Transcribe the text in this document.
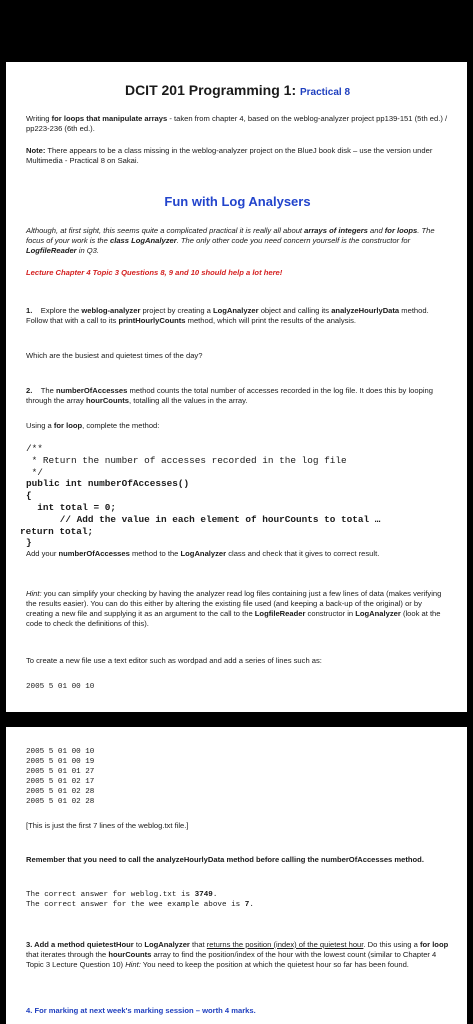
DCIT 201 Programming 1: Practical 8

Writing for loops that manipulate arrays - taken from chapter 4, based on the weblog-analyzer project pp139-151 (5th ed.) / pp223-236 (6th ed.).

Note: There appears to be a class missing in the weblog-analyzer project on the BlueJ book disk – use the version under Multimedia - Practical 8 on Sakai.

Fun with Log Analysers

Although, at first sight, this seems quite a complicated practical it is really all about arrays of integers and for loops. The focus of your work is the class LogAnalyzer. The only other code you need concern yourself is the constructor for LogfileReader in Q3.

Lecture Chapter 4 Topic 3 Questions 8, 9 and 10 should help a lot here!

1. Explore the weblog-analyzer project by creating a LogAnalyzer object and calling its analyzeHourlyData method.
Follow that with a call to its printHourlyCounts method, which will print the results of the analysis.

Which are the busiest and quietest times of the day?

2. The numberOfAccesses method counts the total number of accesses recorded in the log file. It does this by looping through the array hourCounts, totalling all the values in the array.

Using a for loop, complete the method:

/**
* Return the number of accesses recorded in the log file
*/
public int numberOfAccesses()
{
int total = 0;
// Add the value in each element of hourCounts to total …
return total;
}

Add your numberOfAccesses method to the LogAnalyzer class and check that it gives to correct result.

Hint: you can simplify your checking by having the analyzer read log files containing just a few lines of data (makes verifying the results easier). You can do this either by altering the existing file used (and keeping a back-up of the original) or by creating a new file and supplying it as an argument to the call to the LogfileReader constructor in LogAnalyzer (look at the code to check the definitions of this).

To create a new file use a text editor such as wordpad and add a series of lines such as:

2005 5 01 00 10
2005 5 01 00 10
2005 5 01 00 19
2005 5 01 01 27
2005 5 01 02 17
2005 5 01 02 28
2005 5 01 02 28

[This is just the first 7 lines of the weblog.txt file.]

Remember that you need to call the analyzeHourlyData method before calling the numberOfAccesses method.

The correct answer for weblog.txt is 3749.
The correct answer for the wee example above is 7.

3. Add a method quietestHour to LogAnalyzer that returns the position (index) of the quietest hour. Do this using a for loop that iterates through the hourCounts array to find the position/index of the hour with the lowest count (similar to Chapter 4 Topic 3 Lecture Question 10) Hint: You need to keep the position at which the quietest hour so far has been found.

4. For marking at next week's marking session – worth 4 marks.
